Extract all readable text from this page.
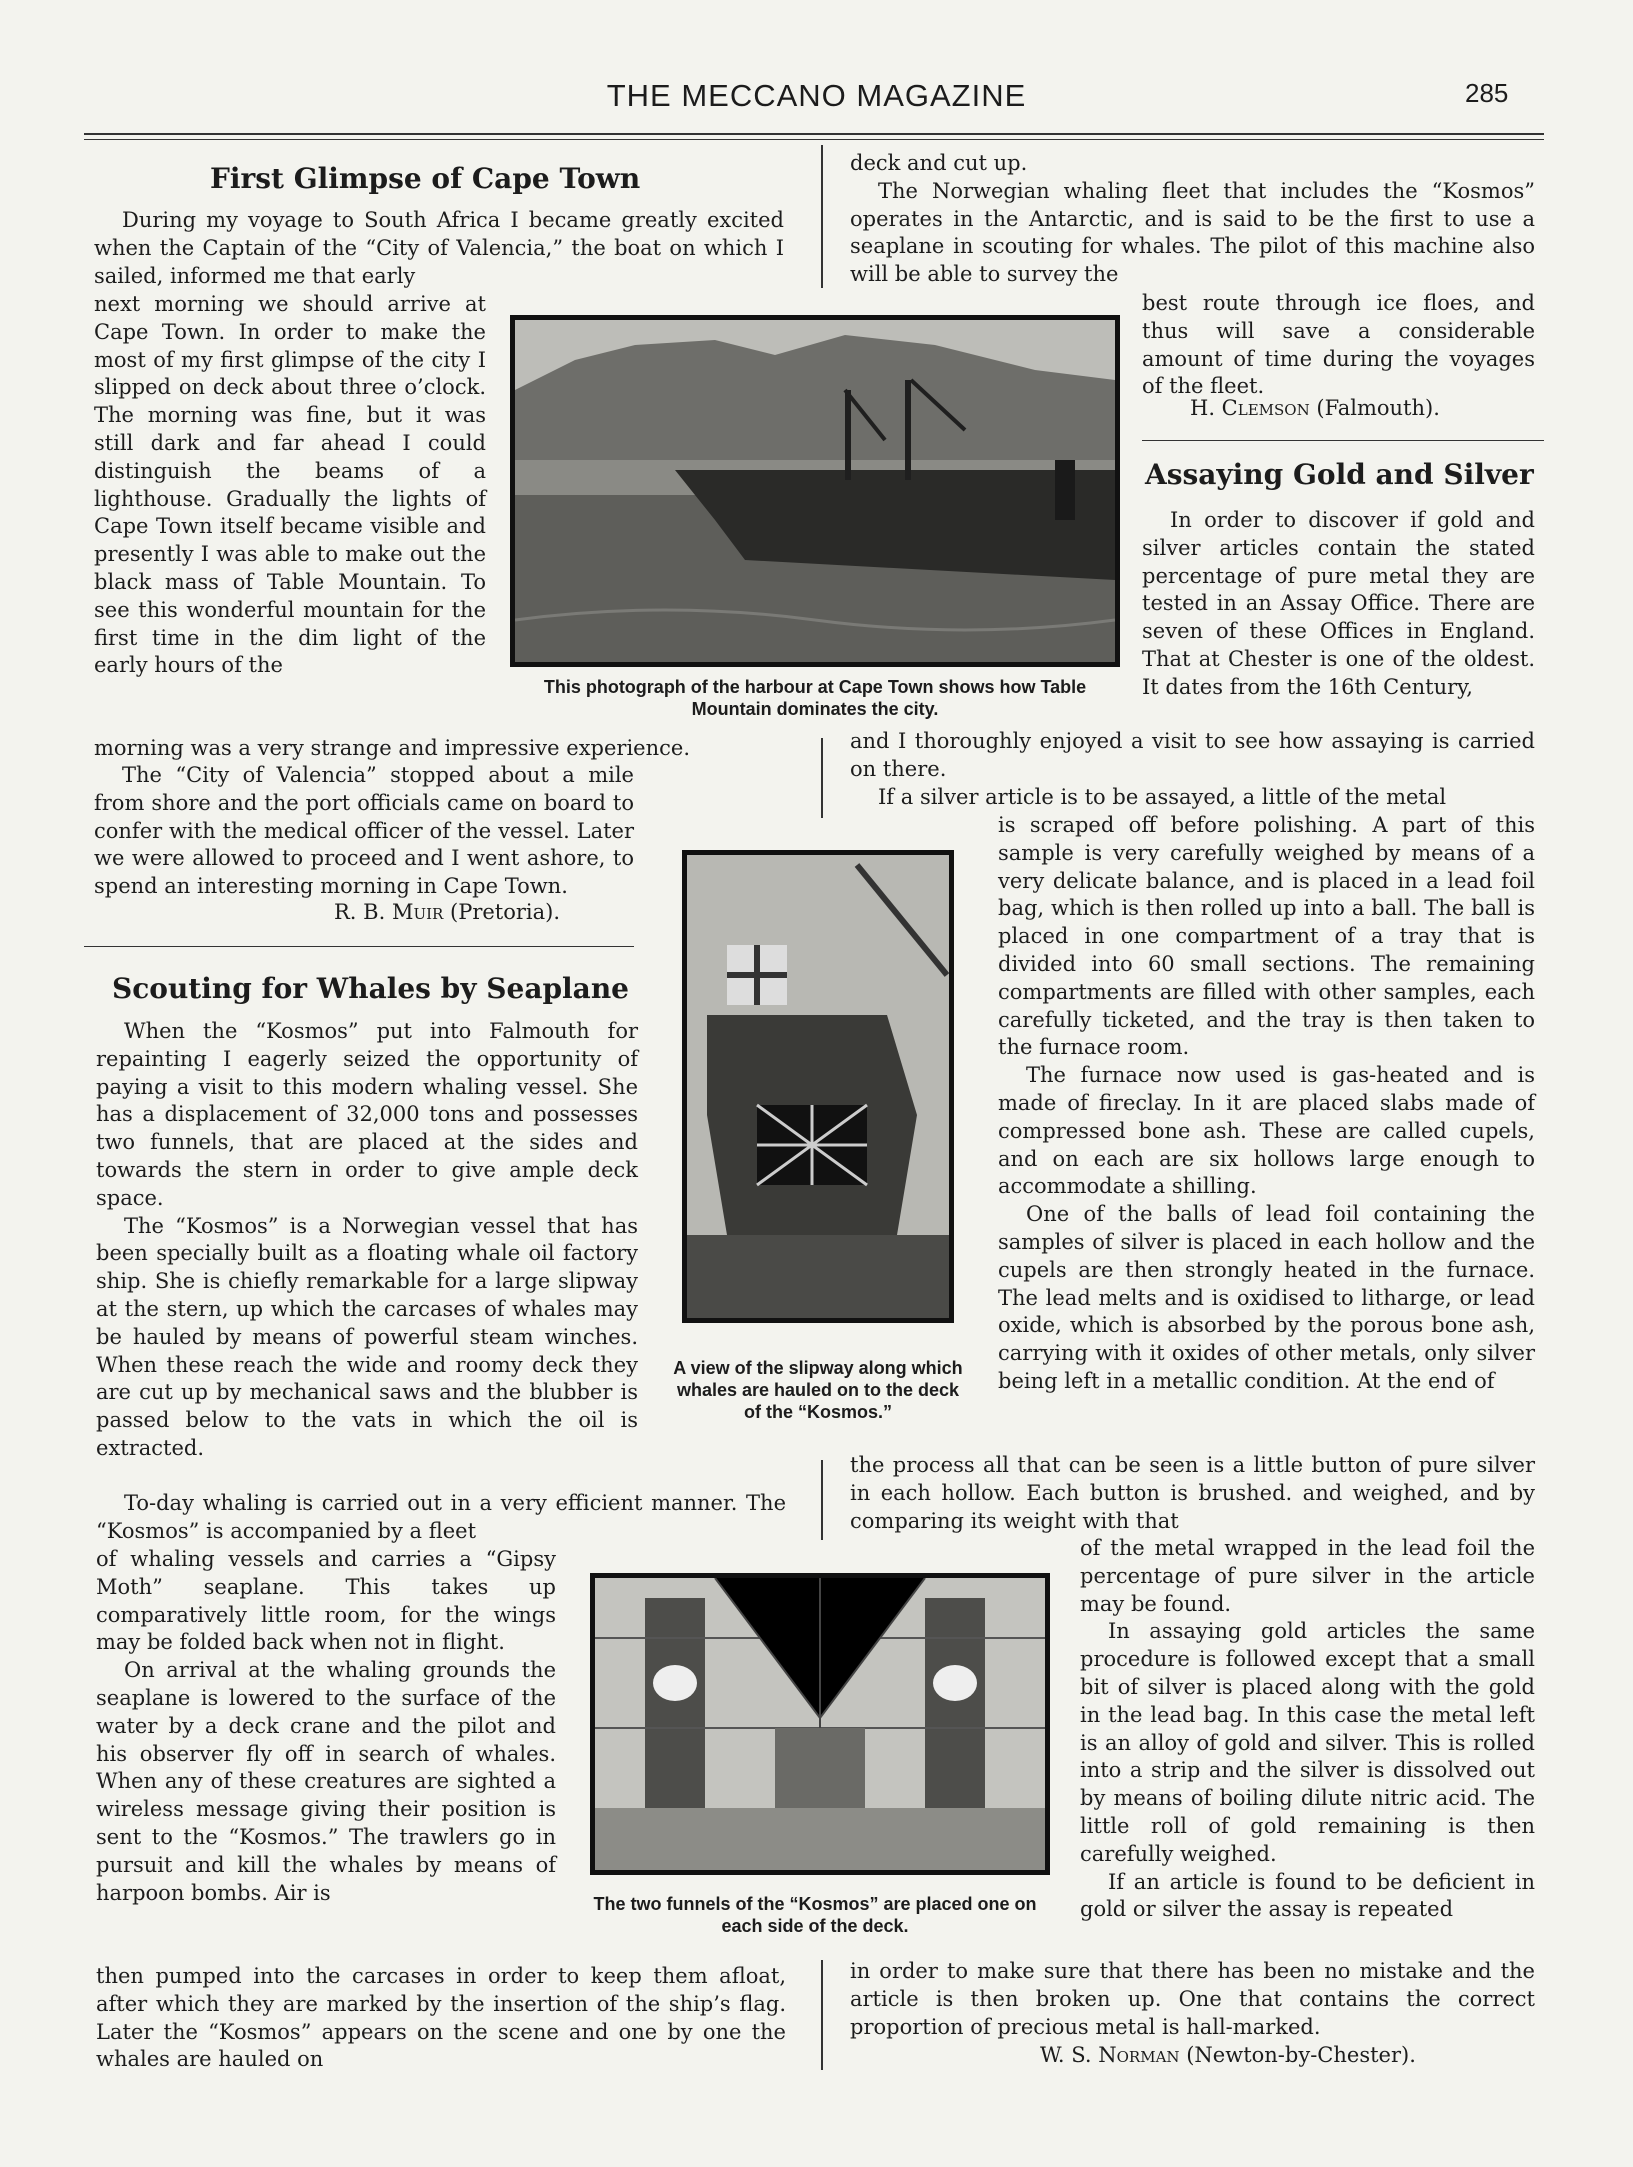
THE MECCANO MAGAZINE	285
First Glimpse of Cape Town

During my voyage to South Africa I became greatly excited when the Captain of the “City of Valencia,” the boat on which I sailed, informed me that early

next morning we should arrive at Cape Town. In order to make the most of my first glimpse of the city I slipped on deck about three o’clock. The morning was fine, but it was still dark and far ahead I could distinguish the beams of a lighthouse. Gradually the lights of Cape Town itself became visible and presently I was able to make out the black mass of Table Mountain. To see this wonderful mountain for the first time in the dim light of the early hours of the

This photograph of the harbour at Cape Town shows how Table Mountain dominates the city.

morning was a very strange and impressive experience.

The “City of Valencia” stopped about a mile from shore and the port officials came on board to confer with the medical officer of the vessel. Later we were allowed to proceed and I went ashore, to spend an interesting morning in Cape Town.

R. B. Muir (Pretoria).
Scouting for Whales by Seaplane

When the “Kosmos” put into Falmouth for repainting I eagerly seized the opportunity of paying a visit to this modern whaling vessel. She has a displacement of 32,000 tons and possesses two funnels, that are placed at the sides and towards the stern in order to give ample deck space.

The “Kosmos” is a Norwegian vessel that has been specially built as a floating whale oil factory ship. She is chiefly remarkable for a large slipway at the stern, up which the carcases of whales may be hauled by means of powerful steam winches. When these reach the wide and roomy deck they are cut up by mechanical saws and the blubber is passed below to the vats in which the oil is extracted.

A view of the slipway along which whales are hauled on to the deck of the “Kosmos.”

To-day whaling is carried out in a very efficient manner. The “Kosmos” is accompanied by a fleet

of whaling vessels and carries a “Gipsy Moth” seaplane. This takes up comparatively little room, for the wings may be folded back when not in flight.

On arrival at the whaling grounds the seaplane is lowered to the surface of the water by a deck crane and the pilot and his observer fly off in search of whales. When any of these creatures are sighted a wireless message giving their position is sent to the “Kosmos.” The trawlers go in pursuit and kill the whales by means of harpoon bombs. Air is	The two funnels of the “Kosmos” are placed one on each side of the deck.

then pumped into the carcases in order to keep them afloat, after which they are marked by the insertion of the ship’s flag. Later the “Kosmos” appears on the scene and one by one the whales are hauled on

deck and cut up.

The Norwegian whaling fleet that includes the “Kosmos” operates in the Antarctic, and is said to be the first to use a seaplane in scouting for whales. The pilot of this machine also will be able to survey the

best route through ice floes, and thus will save a considerable amount of time during the voyages of the fleet.

H. Clemson (Falmouth).
Assaying Gold and Silver

In order to discover if gold and silver articles contain the stated percentage of pure metal they are tested in an Assay Office. There are seven of these Offices in England. That at Chester is one of the oldest. It dates from the 16th Century,

and I thoroughly enjoyed a visit to see how assaying is carried on there.

If a silver article is to be assayed, a little of the metal

is scraped off before polishing. A part of this sample is very carefully weighed by means of a very delicate balance, and is placed in a lead foil bag, which is then rolled up into a ball. The ball is placed in one compartment of a tray that is divided into 60 small sections. The remaining compartments are filled with other samples, each carefully ticketed, and the tray is then taken to the furnace room.

The furnace now used is gas-heated and is made of fireclay. In it are placed slabs made of compressed bone ash. These are called cupels, and on each are six hollows large enough to accommodate a shilling.

One of the balls of lead foil containing the samples of silver is placed in each hollow and the cupels are then strongly heated in the furnace. The lead melts and is oxidised to litharge, or lead oxide, which is absorbed by the porous bone ash, carrying with it oxides of other metals, only silver being left in a metallic condition. At the end of

the process all that can be seen is a little button of pure silver in each hollow. Each button is brushed. and weighed, and by comparing its weight with that

of the metal wrapped in the lead foil the percentage of pure silver in the article may be found.

In assaying gold articles the same procedure is followed except that a small bit of silver is placed along with the gold in the lead bag. In this case the metal left is an alloy of gold and silver. This is rolled into a strip and the silver is dissolved out by means of boiling dilute nitric acid. The little roll of gold remaining is then carefully weighed.

If an article is found to be deficient in gold or silver the assay is repeated

in order to make sure that there has been no mistake and the article is then broken up. One that contains the correct proportion of precious metal is hall-marked.

W. S. Norman (Newton-by-Chester).
